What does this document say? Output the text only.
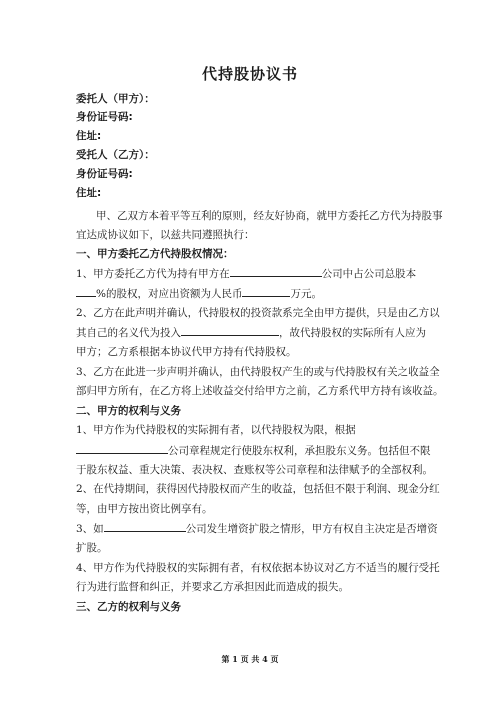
代持股协议书
委托人（甲方）：
身份证号码:
住址:
受托人（乙方）：
身份证号码:
住址:
甲、乙双方本着平等互利的原则，经友好协商，就甲方委托乙方代为持股事
宜达成协议如下，以兹共同遵照执行：
一、甲方委托乙方代持股权情况：
1、甲方委托乙方代为持有甲方在	公司中占公司总股本
%的股权，对应出资额为人民币	万元。
2、乙方在此声明并确认，代持股权的投资款系完全由甲方提供，只是由乙方以
其自己的名义代为投入	，故代持股权的实际所有人应为
甲方；乙方系根据本协议代甲方持有代持股权。
3、乙方在此进一步声明并确认，由代持股权产生的或与代持股权有关之收益全
部归甲方所有，在乙方将上述收益交付给甲方之前，乙方系代甲方持有该收益。
二、甲方的权利与义务
1、甲方作为代持股权的实际拥有者，以代持股权为限，根据
公司章程规定行使股东权利，承担股东义务。包括但不限
于股东权益、重大决策、表决权、查账权等公司章程和法律赋予的全部权利。
2、在代持期间，获得因代持股权而产生的收益，包括但不限于利润、现金分红
等，由甲方按出资比例享有。
3、如	公司发生增资扩股之情形，甲方有权自主决定是否增资
扩股。
4、甲方作为代持股权的实际拥有者，有权依据本协议对乙方不适当的履行受托
行为进行监督和纠正，并要求乙方承担因此而造成的损失。
三、乙方的权利与义务
第 1 页 共 4 页
